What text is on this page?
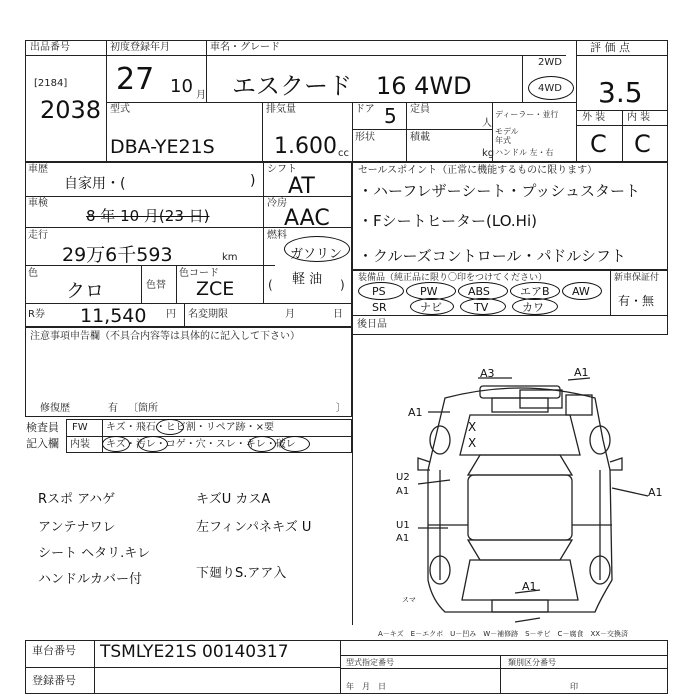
出品番号
[2184]
2038
初度登録年月
27 10 月
車名・グレード
エスクード　16 4WD
2WD
4WD
評 価 点
3.5
外 装 内 装
C C
型式
DBA-YE21S
排気量
1.600 cc
ドア 5
形状
定員
人
積載
kg
ディーラー・並行
モデル年式
ハンドル 左・右
車歴
自家用・(	)
シフト
AT
車検
8 年 10 月(23 日)
冷房
AAC
走行
29万6千593	km
燃料
ガソリン
軽 油
(	)
色
クロ	色替
色コード
ZCE
R券 11,540 円 名変期限	月	日
セールスポイント（正常に機能するものに限ります）
・ハーフレザーシート・プッシュスタート
・Fシートヒーター(LO.Hi)
・クルーズコントロール・パドルシフト
装備品（純正品に限り〇印をつけてください）	新車保証付
有・無
PS	PW	ABS	エアB AW
SR	ナビ	TV	カワ
後日品
注意事項申告欄（不具合内容等は具体的に記入して下さい）
修復歴	有 〔箇所	〕
検査員
記入欄
FW キズ・飛石・ヒビ割・リペア跡・×要
内装 キズ・汚レ・コゲ・穴・スレ・キレ・破レ
Rスポ アハゲ
アンテナワレ
シート ヘタリ.キレ
ハンドルカバー付
キズU カスA
左フィンパネキズ U
下廻りS.アア入
A3	A1
A1
X
X
U2
A1
U1
A1
A1
A1
スマ
A－キズ　E－エクボ　U－凹み　W－補修跡　S－サビ　C－腐食　XX－交換済
車台番号 TSMLYE21S 00140317
登録番号
型式指定番号	類別区分番号
年　月　日	印
